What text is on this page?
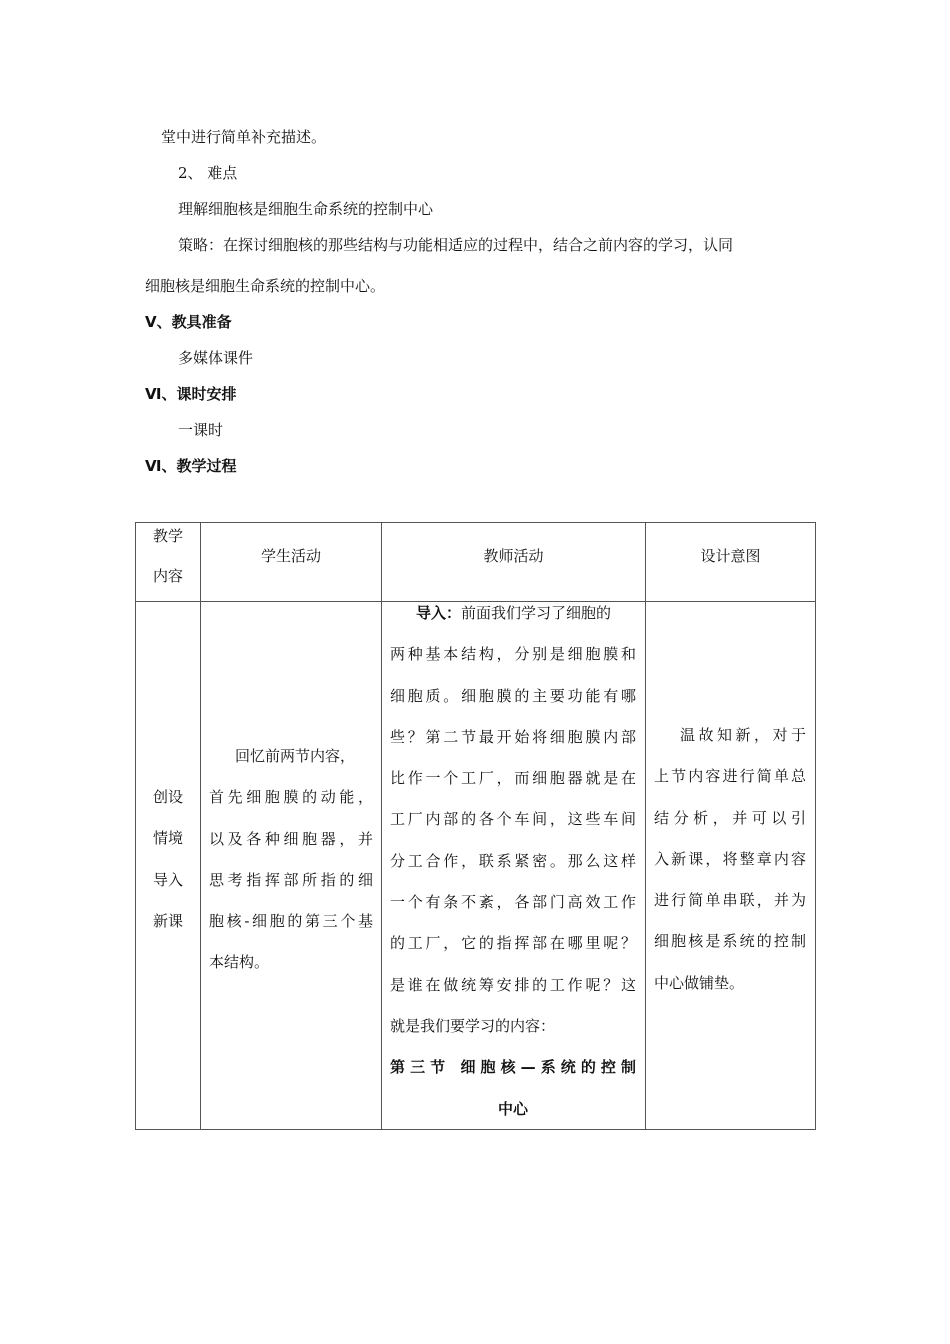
堂中进行简单补充描述。
2、 难点
理解细胞核是细胞生命系统的控制中心
策略：在探讨细胞核的那些结构与功能相适应的过程中，结合之前内容的学习，认同
细胞核是细胞生命系统的控制中心。
Ⅴ、教具准备
多媒体课件
Ⅵ、课时安排
一课时
Ⅵ、教学过程
教学
内容
学生活动	教师活动	设计意图
创设
情境
导入
新课
回忆前两节内容，
首先细胞膜的动能，
以及各种细胞器，并
思考指挥部所指的细
胞核-细胞的第三个基
本结构。
导入：前面我们学习了细胞的
两种基本结构，分别是细胞膜和
细胞质。细胞膜的主要功能有哪
些？第二节最开始将细胞膜内部
比作一个工厂，而细胞器就是在
工厂内部的各个车间，这些车间
分工合作，联系紧密。那么这样
一个有条不紊，各部门高效工作
的工厂，它的指挥部在哪里呢？
是谁在做统筹安排的工作呢？这
就是我们要学习的内容：
第三节 细胞核—系统的控制
中心
温故知新，对于
上节内容进行简单总
结分析，并可以引
入新课，将整章内容
进行简单串联，并为
细胞核是系统的控制
中心做铺垫。
